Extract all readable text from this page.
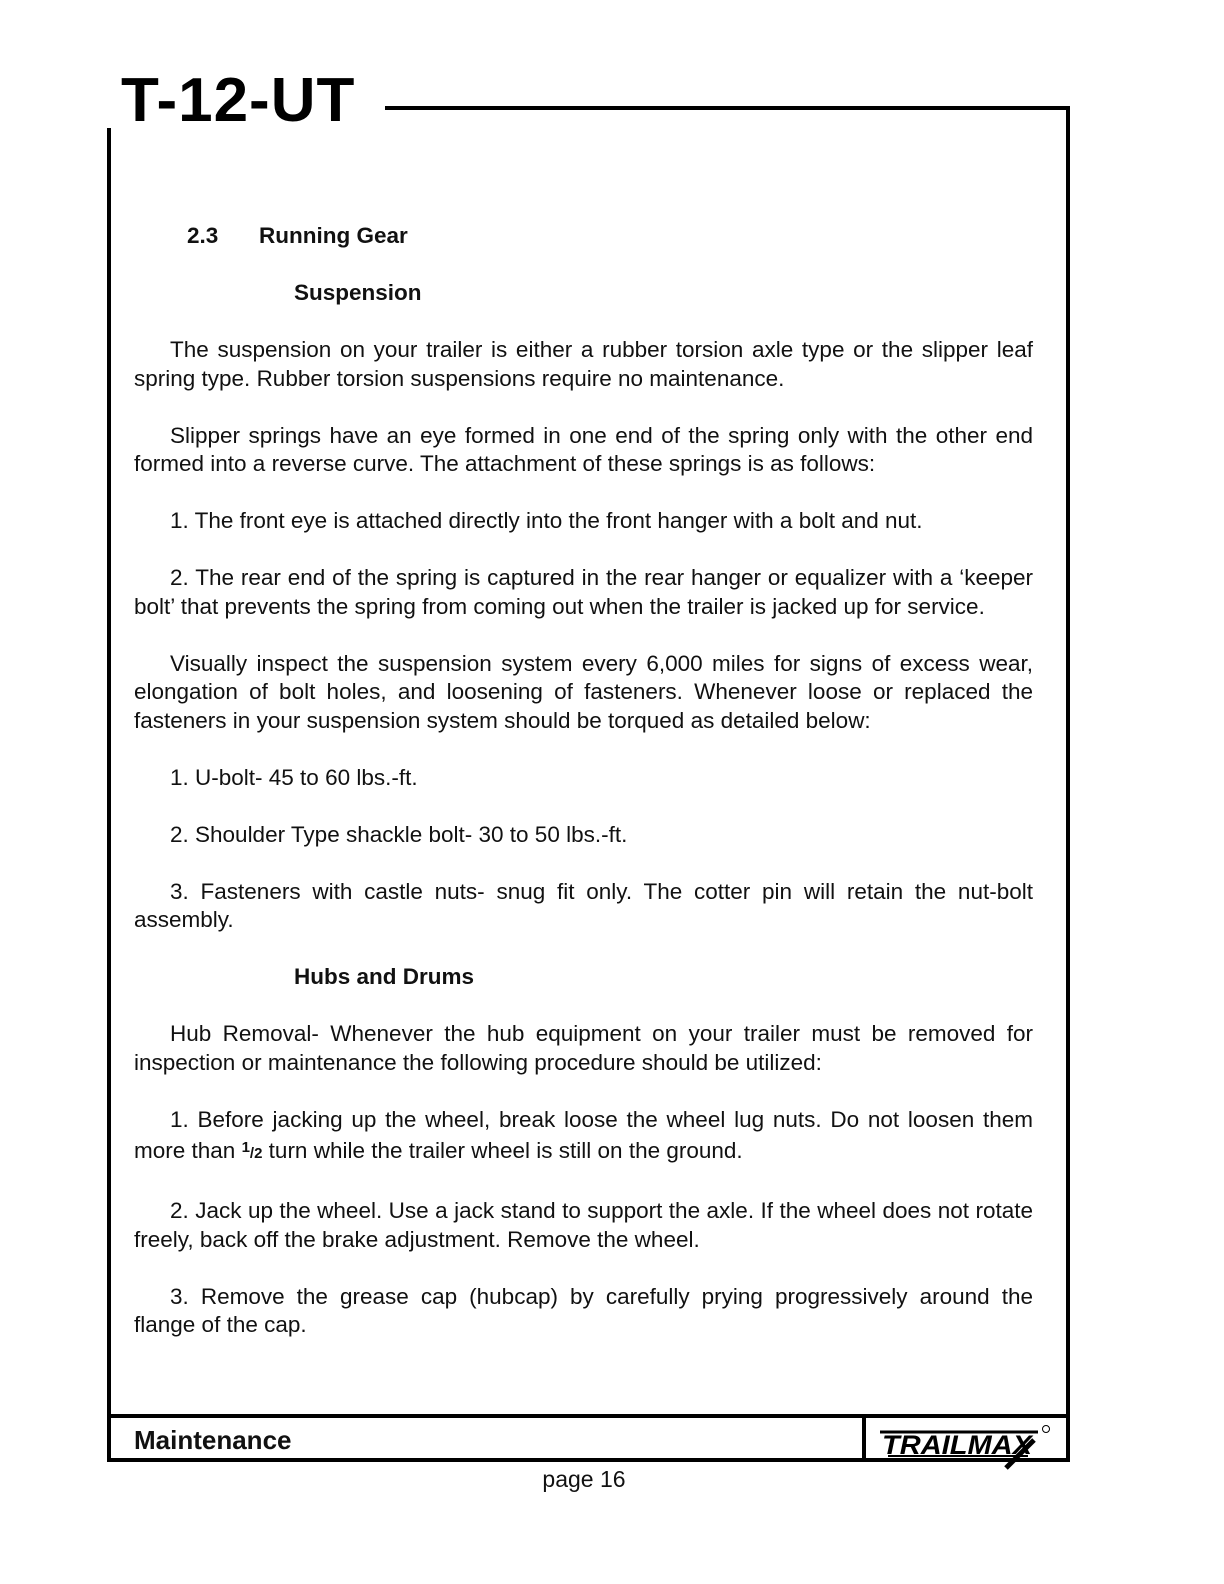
T-12-UT
2.3 Running Gear
Suspension

The suspension on your trailer is either a rubber torsion axle type or the slipper leaf spring type. Rubber torsion suspensions require no maintenance.

Slipper springs have an eye formed in one end of the spring only with the other end formed into a reverse curve. The attachment of these springs is as follows:

1. The front eye is attached directly into the front hanger with a bolt and nut.

2. The rear end of the spring is captured in the rear hanger or equalizer with a ‘keeper bolt’ that prevents the spring from coming out when the trailer is jacked up for service.

Visually inspect the suspension system every 6,000 miles for signs of excess wear, elongation of bolt holes, and loosening of fasteners. Whenever loose or replaced the fasteners in your suspension system should be torqued as detailed below:

1. U-bolt- 45 to 60 lbs.-ft.

2. Shoulder Type shackle bolt- 30 to 50 lbs.-ft.

3. Fasteners with castle nuts- snug fit only. The cotter pin will retain the nut-bolt assembly.

Hubs and Drums

Hub Removal- Whenever the hub equipment on your trailer must be removed for inspection or maintenance the following procedure should be utilized:

1. Before jacking up the wheel, break loose the wheel lug nuts. Do not loosen them more than $^1$/2 turn while the trailer wheel is still on the ground.

2. Jack up the wheel. Use a jack stand to support the axle. If the wheel does not rotate freely, back off the brake adjustment. Remove the wheel.

3. Remove the grease cap (hubcap) by carefully prying progressively around the flange of the cap.

Maintenance	TRAILMAX
page 16
